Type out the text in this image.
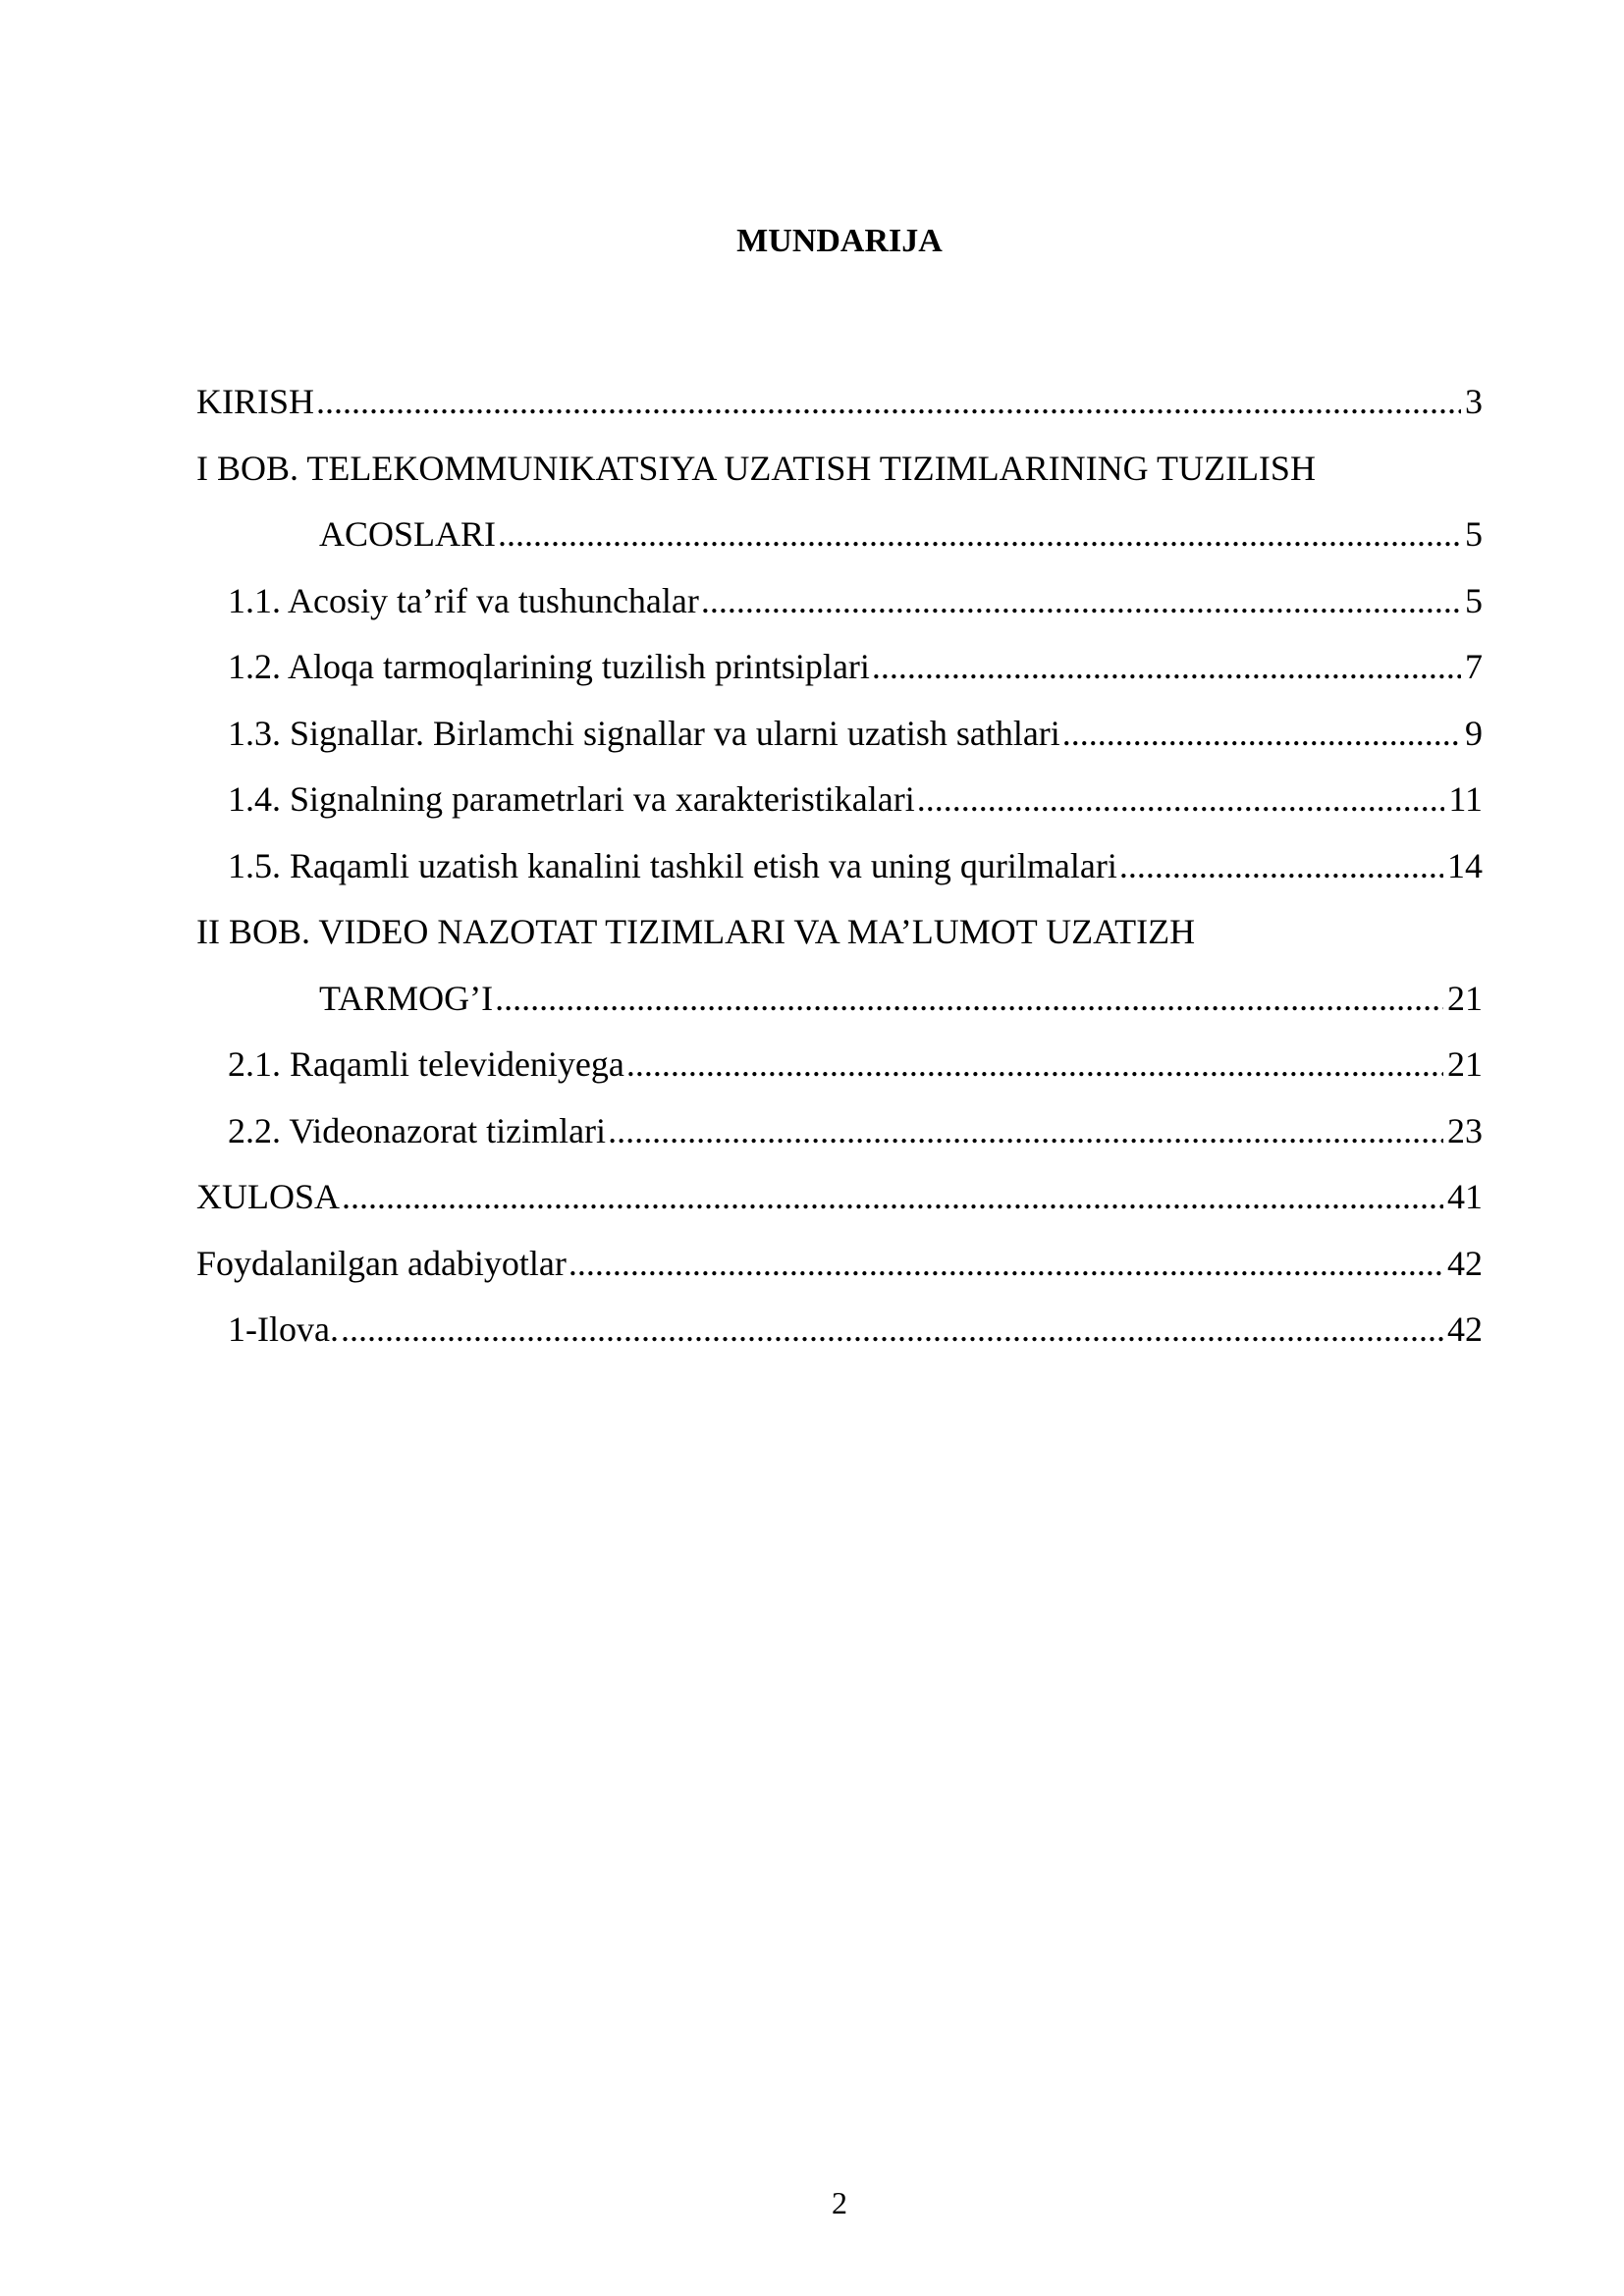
MUNDARIJA
KIRISH .....	3
I BOB. TELEKOMMUNIKATSIYA UZATISH TIZIMLARINING TUZILISH
ACOSLARI .....	5
1.1. Acosiy ta’rif va tushunchalar .....	5
1.2. Aloqa tarmoqlarining tuzilish printsiplari .....	7
1.3. Signallar. Birlamchi signallar va ularni uzatish sathlari .....	9
1.4. Signalning parametrlari va xarakteristikalari .....	11
1.5. Raqamli uzatish kanalini tashkil etish va uning qurilmalari .....	14
II BOB. VIDEO NAZOTAT TIZIMLARI VA MA’LUMOT UZATIZH
TARMOG’I .....	21
2.1. Raqamli televideniyega .....	21
2.2. Videonazorat tizimlari .....	23
XULOSA .....	41
Foydalanilgan adabiyotlar .....	42
1-Ilova. .....	42
2
